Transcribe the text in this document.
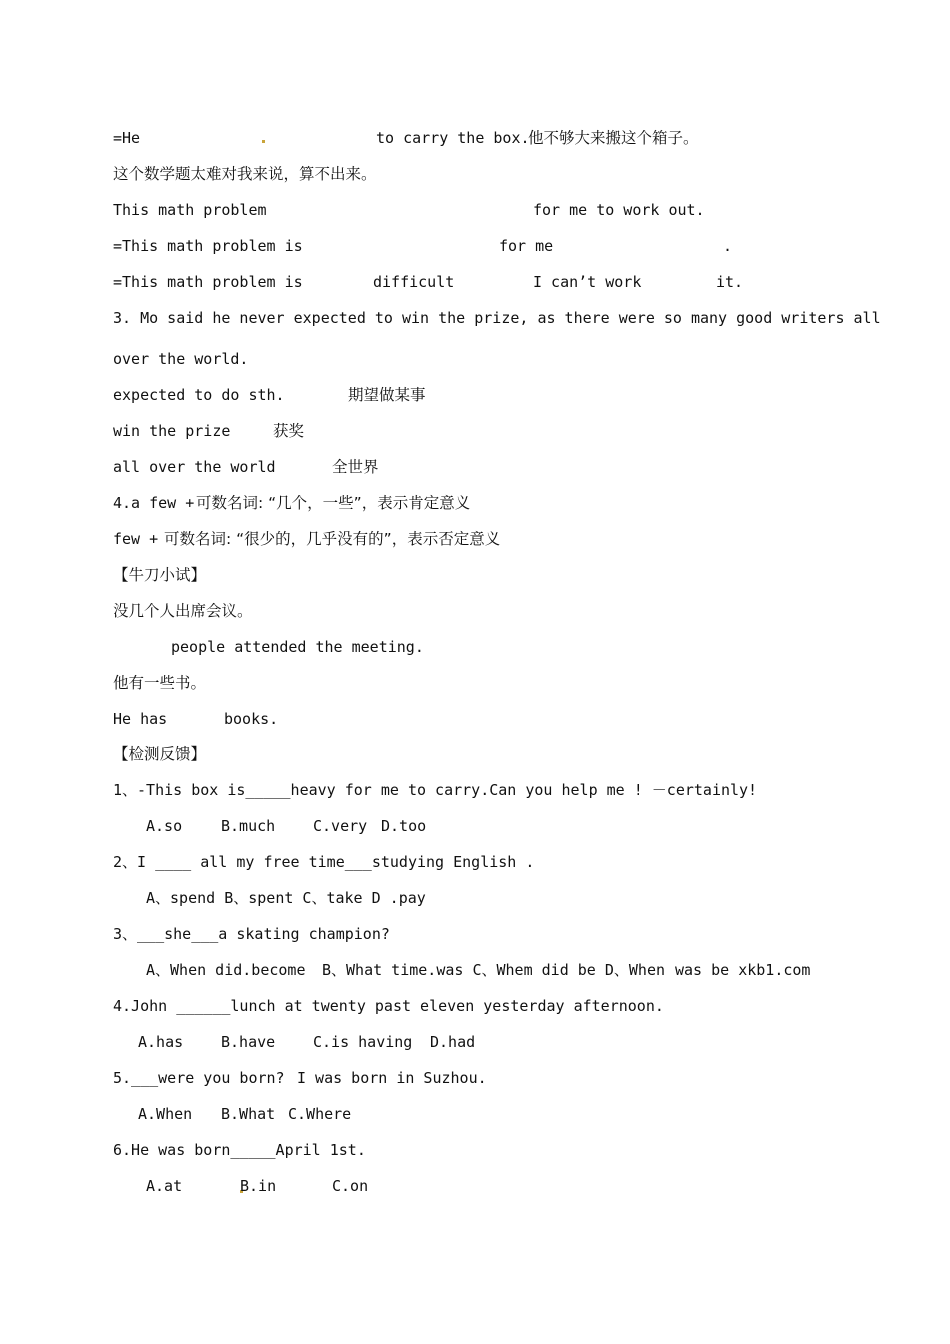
=He	to carry the box.
他不够大来搬这个箱子。
这个数学题太难对我来说，算不出来。
This math problem	for me to work out.
=This math problem is	for me	.
=This math problem is	difficult	I can’t work	it.
3. Mo said he never expected to win the prize, as there were so many good writers all
over the world.
expected to do sth.	期望做某事
win the prize	获奖
all over the world	全世界
4.a few +
可数名词: “几个，一些”，表示肯定意义
few +
可数名词: “很少的，几乎没有的”，表示否定意义
【牛刀小试】
没几个人出席会议。
people attended the meeting.
他有一些书。
He has	books.
【检测反馈】
1、-This box is_____heavy for me to carry.Can you help me ! －certainly!
A.so	B.much	C.very D.too
2、I ____ all my free time___studying English .
A、spend B、spent C、take D .pay
3、___she___a skating champion?
A、When did.become B、What time.was C、Whem did be D、When was be xkb1.com
4.John ______lunch at twenty past eleven yesterday afternoon.
A.has	B.have	C.is having D.had
5.___were you born? I was born in Suzhou.
A.When B.What C.Where
6.He was born_____April 1st.
A.at	B.in	C.on
